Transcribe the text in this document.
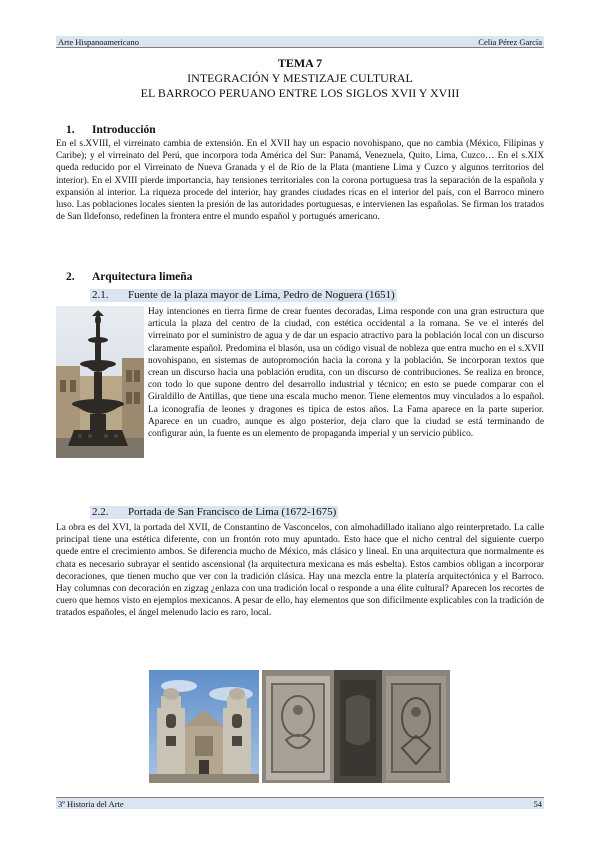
Arte Hispanoamericano	Celia Pérez García
TEMA 7
INTEGRACIÓN Y MESTIZAJE CULTURAL
EL BARROCO PERUANO ENTRE LOS SIGLOS XVII Y XVIII
1. Introducción
En el s.XVIII, el virreinato cambia de extensión. En el XVII hay un espacio novohispano, que no cambia (México, Filipinas y Caribe); y el virreinato del Perú, que incorpora toda América del Sur: Panamá, Venezuela, Quito, Lima, Cuzco… En el s.XIX queda reducido por el Virreinato de Nueva Granada y el de Río de la Plata (mantiene Lima y Cuzco y algunos territorios del interior). En el XVIII pierde importancia, hay tensiones territoriales con la corona portuguesa tras la separación de la española y expansión al interior. La riqueza procede del interior, hay grandes ciudades ricas en el interior del país, con el Barroco minero luso. Las poblaciones locales sienten la presión de las autoridades portuguesas, e intervienen las españolas. Se firman los tratados de San Ildefonso, redefinen la frontera entre el mundo español y portugués americano.
2. Arquitectura limeña
2.1. Fuente de la plaza mayor de Lima, Pedro de Noguera (1651)
Hay intenciones en tierra firme de crear fuentes decoradas, Lima responde con una gran estructura que articula la plaza del centro de la ciudad, con estética occidental a la romana. Se ve el interés del virreinato por el suministro de agua y de dar un espacio atractivo para la población local con un discurso claramente español. Predomina el blasón, usa un código visual de nobleza que entra mucho en el s.XVII novohispano, en sistemas de autopromoción hacia la corona y la población. Se incorporan textos que crean un discurso hacia una población erudita, con un discurso de contribuciones. Se realiza en bronce, con todo lo que supone dentro del desarrollo industrial y técnico; en esto se puede comparar con el Giraldillo de Antillas, que tiene una escala mucho menor. Tiene elementos muy vinculados a lo español. La iconografía de leones y dragones es típica de estos años. La Fama aparece en la parte superior. Aparece en un cuadro, aunque es algo posterior, deja claro que la ciudad se está terminando de configurar aún, la fuente es un elemento de propaganda imperial y un servicio público.
2.2. Portada de San Francisco de Lima (1672-1675)
La obra es del XVI, la portada del XVII, de Constantino de Vasconcelos, con almohadillado italiano algo reinterpretado. La calle principal tiene una estética diferente, con un frontón roto muy apuntado. Esto hace que el nicho central del siguiente cuerpo quede entre el crecimiento ambos. Se diferencia mucho de México, más clásico y lineal. En una arquitectura que normalmente es chata es necesario subrayar el sentido ascensional (la arquitectura mexicana es más esbelta). Estos cambios obligan a incorporar decoraciones, que tienen mucho que ver con la tradición clásica. Hay una mezcla entre la platería arquitectónica y el Barroco. Hay columnas con decoración en zigzag ¿enlaza con una tradición local o responde a una élite cultural? Aparecen los recortes de cuero que hemos visto en ejemplos mexicanos. A pesar de ello, hay elementos que son difícilmente explicables con la tradición de tratados españoles, el ángel melenudo lacio es raro, local.
3º Historia del Arte	54
